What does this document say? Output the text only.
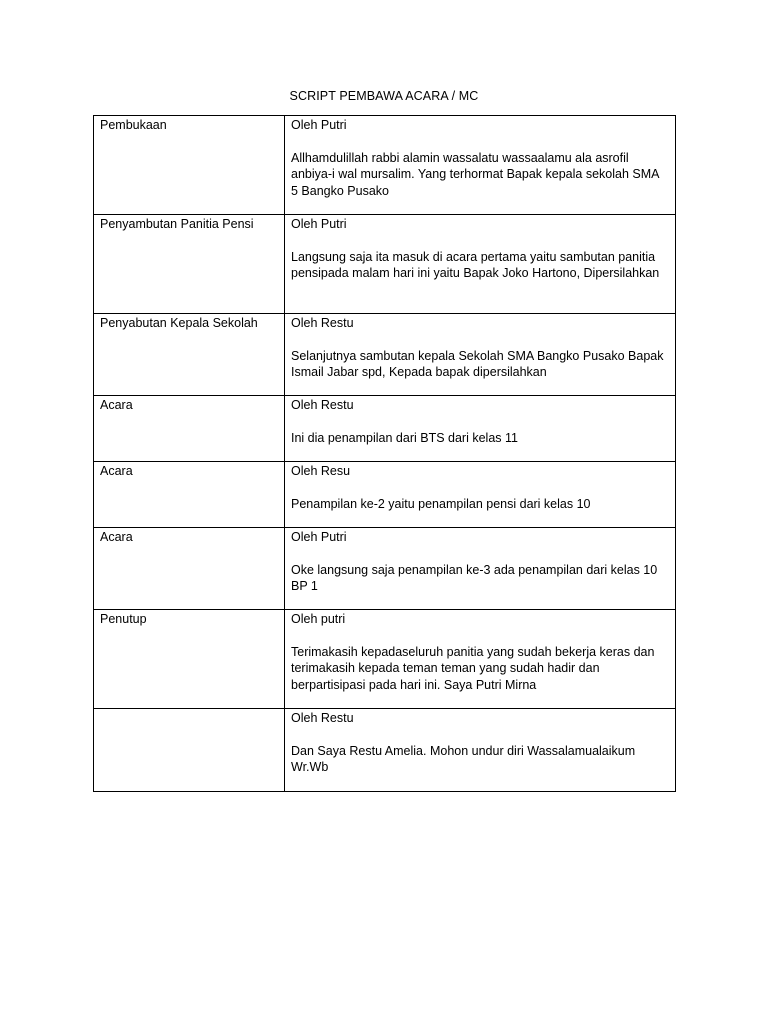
SCRIPT PEMBAWA ACARA / MC
Pembukaan	Oleh Putri
Allhamdulillah rabbi alamin wassalatu wassaalamu ala asrofil anbiya-i wal mursalim. Yang terhormat Bapak kepala sekolah SMA 5 Bangko Pusako

Penyambutan Panitia Pensi	Oleh Putri
Langsung saja ita masuk di acara pertama yaitu sambutan panitia pensipada malam hari ini yaitu Bapak Joko Hartono, Dipersilahkan

Penyabutan Kepala Sekolah	Oleh Restu
Selanjutnya sambutan kepala Sekolah SMA Bangko Pusako Bapak Ismail Jabar spd, Kepada bapak dipersilahkan

Acara	Oleh Restu
Ini dia penampilan dari BTS dari kelas 11

Acara	Oleh Resu
Penampilan ke-2 yaitu penampilan pensi dari kelas 10

Acara	Oleh Putri
Oke langsung saja penampilan ke-3 ada penampilan dari kelas 10 BP 1

Penutup	Oleh putri
Terimakasih kepadaseluruh panitia yang sudah bekerja keras dan terimakasih kepada teman teman yang sudah hadir dan berpartisipasi pada hari ini. Saya Putri Mirna

	Oleh Restu
Dan Saya Restu Amelia. Mohon undur diri Wassalamualaikum Wr.Wb
